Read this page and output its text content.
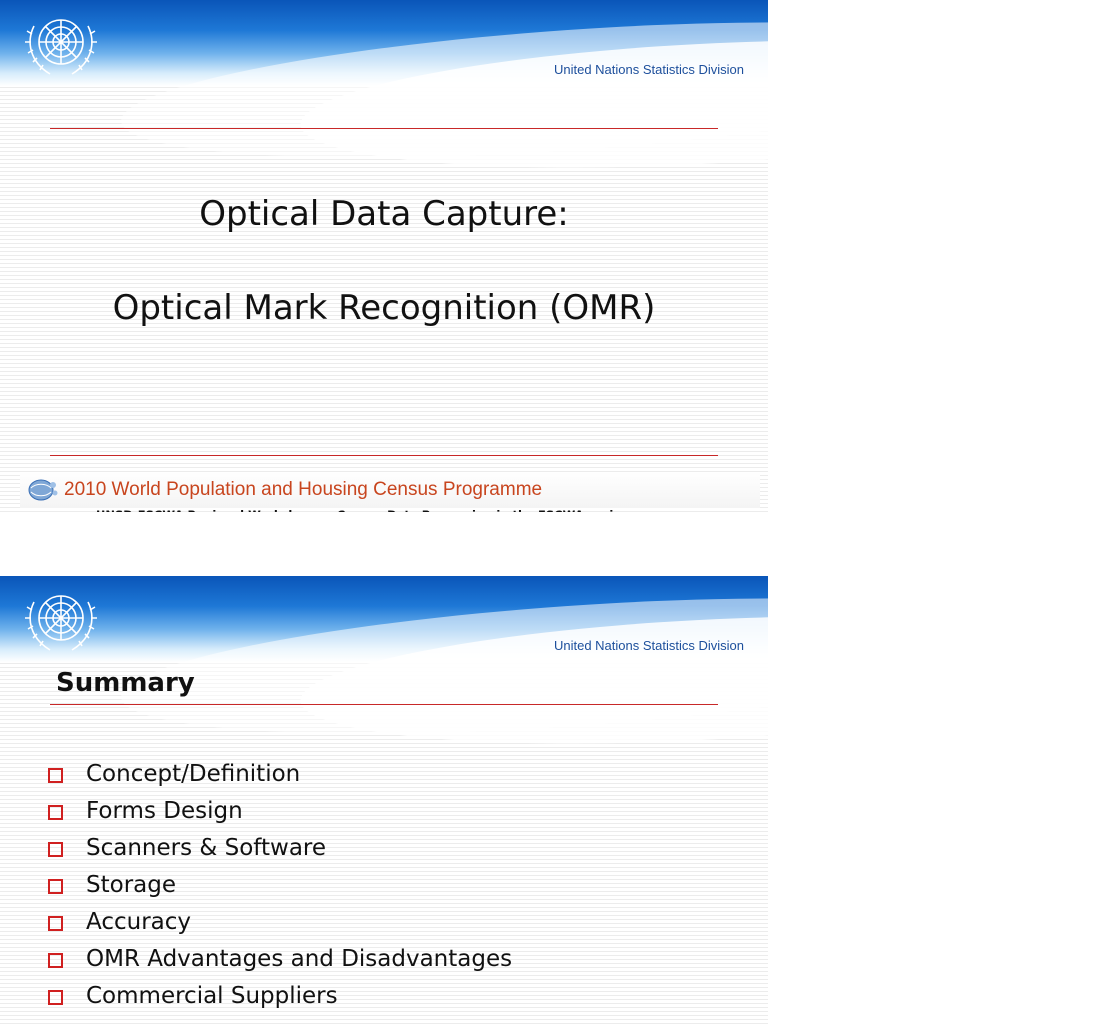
United Nations Statistics Division
Optical Data Capture:
Optical Mark Recognition (OMR)
2010 World Population and Housing Census Programme
United Nations Statistics Division
Summary
Concept/Definition
Forms Design
Scanners & Software
Storage
Accuracy
OMR Advantages and Disadvantages
Commercial Suppliers
